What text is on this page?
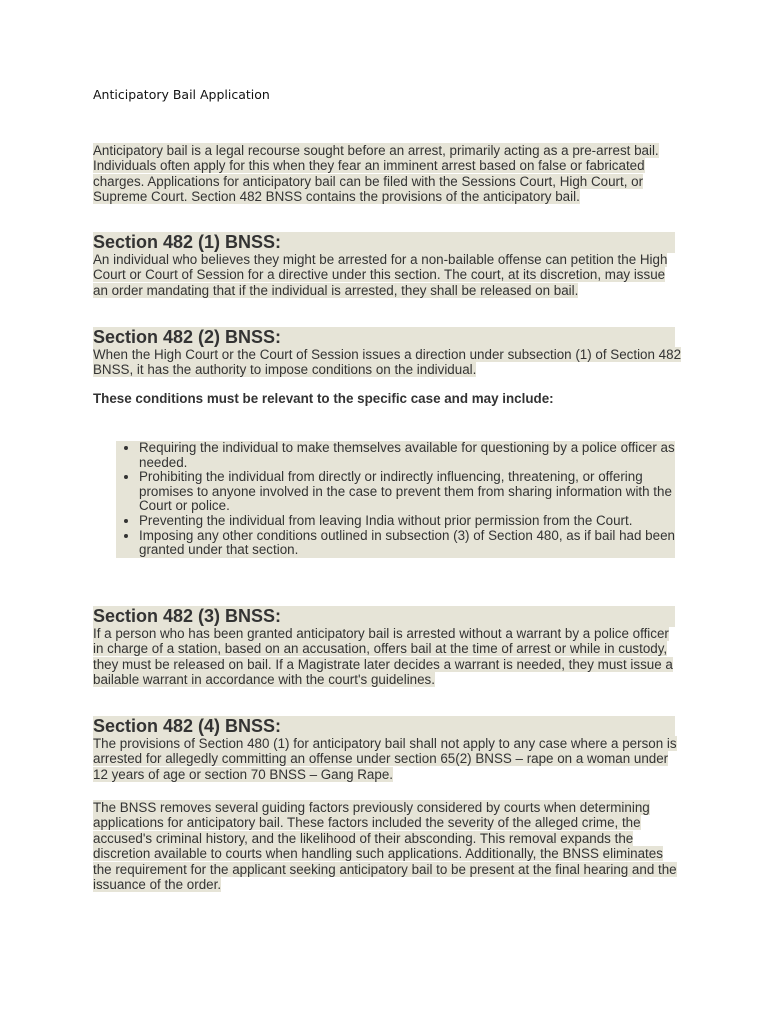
Anticipatory Bail Application

Anticipatory bail is a legal recourse sought before an arrest, primarily acting as a pre-arrest bail. Individuals often apply for this when they fear an imminent arrest based on false or fabricated charges. Applications for anticipatory bail can be filed with the Sessions Court, High Court, or Supreme Court. Section 482 BNSS contains the provisions of the anticipatory bail.

Section 482 (1) BNSS:

An individual who believes they might be arrested for a non-bailable offense can petition the High Court or Court of Session for a directive under this section. The court, at its discretion, may issue an order mandating that if the individual is arrested, they shall be released on bail.

Section 482 (2) BNSS:

When the High Court or the Court of Session issues a direction under subsection (1) of Section 482 BNSS, it has the authority to impose conditions on the individual.

These conditions must be relevant to the specific case and may include:
• Requiring the individual to make themselves available for questioning by a police officer as needed.
• Prohibiting the individual from directly or indirectly influencing, threatening, or offering promises to anyone involved in the case to prevent them from sharing information with the Court or police.
• Preventing the individual from leaving India without prior permission from the Court.
• Imposing any other conditions outlined in subsection (3) of Section 480, as if bail had been granted under that section.
Section 482 (3) BNSS:

If a person who has been granted anticipatory bail is arrested without a warrant by a police officer in charge of a station, based on an accusation, offers bail at the time of arrest or while in custody, they must be released on bail. If a Magistrate later decides a warrant is needed, they must issue a bailable warrant in accordance with the court's guidelines.

Section 482 (4) BNSS:

The provisions of Section 480 (1) for anticipatory bail shall not apply to any case where a person is arrested for allegedly committing an offense under section 65(2) BNSS – rape on a woman under 12 years of age or section 70 BNSS – Gang Rape.

The BNSS removes several guiding factors previously considered by courts when determining applications for anticipatory bail. These factors included the severity of the alleged crime, the accused's criminal history, and the likelihood of their absconding. This removal expands the discretion available to courts when handling such applications. Additionally, the BNSS eliminates the requirement for the applicant seeking anticipatory bail to be present at the final hearing and the issuance of the order.
